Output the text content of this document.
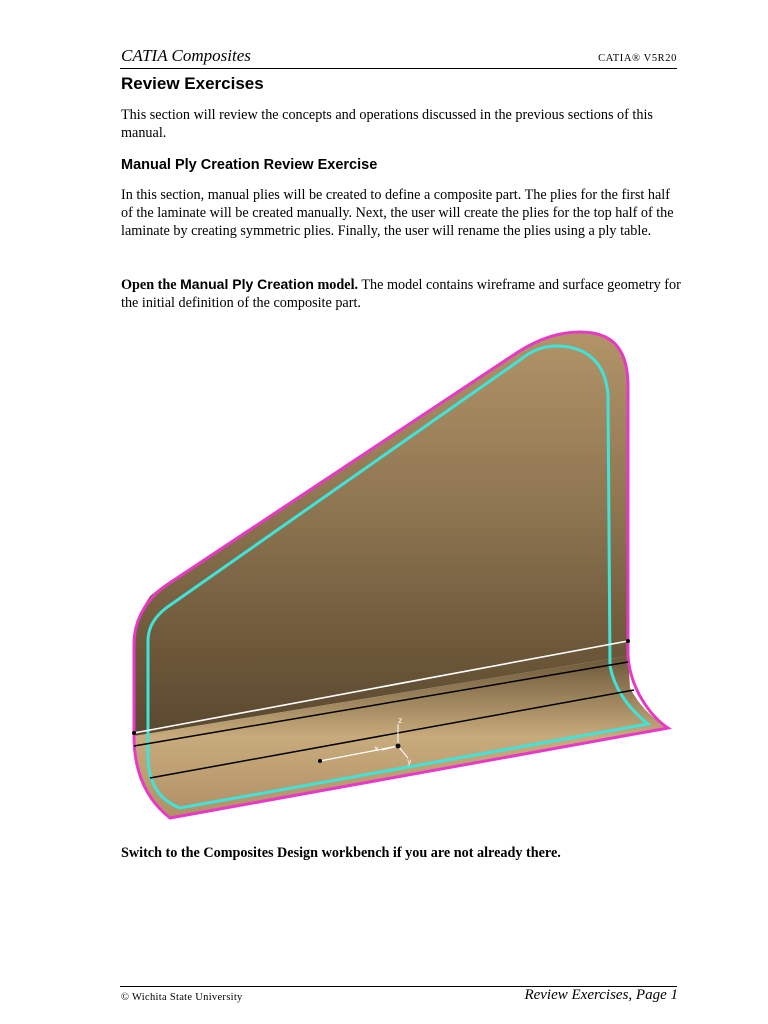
CATIA Composites	CATIA® V5R20
Review Exercises
This section will review the concepts and operations discussed in the previous sections of this manual.
Manual Ply Creation Review Exercise
In this section, manual plies will be created to define a composite part. The plies for the first half of the laminate will be created manually. Next, the user will create the plies for the top half of the laminate by creating symmetric plies. Finally, the user will rename the plies using a ply table.
Open the Manual Ply Creation model. The model contains wireframe and surface geometry for the initial definition of the composite part.
z
x
y
Switch to the Composites Design workbench if you are not already there.
© Wichita State University	Review Exercises, Page 1
